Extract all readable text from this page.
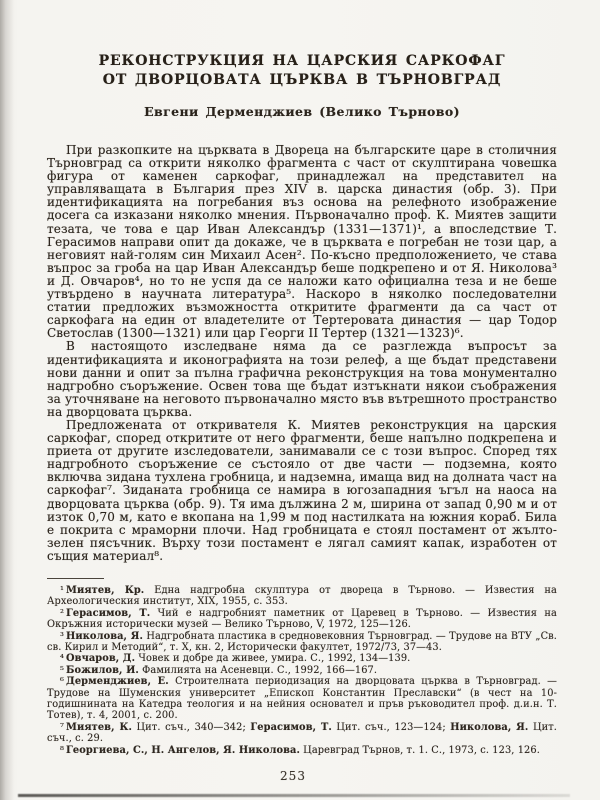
РЕКОНСТРУКЦИЯ НА ЦАРСКИЯ САРКОФАГ
ОТ ДВОРЦОВАТА ЦЪРКВА В ТЪРНОВГРАД
Евгени Дерменджиев (Велико Търново)

При разкопките на църквата в Двореца на българските царе в столичния Търновград са открити няколко фрагмента с част от скулптирана човешка фигура от каменен саркофаг, принадлежал на представител на управляващата в България през XIV в. царска династия (обр. 3). При идентификацията на погребания въз основа на релефното изображение досега са изказани няколко мнения. Първоначално проф. К. Миятев защити тезата, че това е цар Иван Александър (1331—1371)¹, а впоследствие Т. Герасимов направи опит да докаже, че в църквата е погребан не този цар, а неговият най-голям син Михаил Асен². По-късно предположението, че става въпрос за гроба на цар Иван Александър беше подкрепено и от Я. Николова³ и Д. Овчаров⁴, но то не успя да се наложи като официална теза и не беше утвърдено в научната литература⁵. Наскоро в няколко последователни статии предложих възможността откритите фрагменти да са част от саркофага на един от владетелите от Тертеровата династия — цар Тодор Светослав (1300—1321) или цар Георги II Тертер (1321—1323)⁶.

В настоящото изследване няма да се разглежда въпросът за идентификацията и иконографията на този релеф, а ще бъдат представени нови данни и опит за пълна графична реконструкция на това монументално надгробно съоръжение. Освен това ще бъдат изтъкнати някои съображения за уточняване на неговото първоначално място във вътрешното пространство на дворцовата църква.

Предложената от откривателя К. Миятев реконструкция на царския саркофаг, според откритите от него фрагменти, беше напълно подкрепена и приета от другите изследователи, занимавали се с този въпрос. Според тях надгробното съоръжение се състояло от две части — подземна, която включва зидана тухлена гробница, и надземна, имаща вид на долната част на саркофаг⁷. Зиданата гробница се намира в югозападния ъгъл на наоса на дворцовата църква (обр. 9). Тя има дължина 2 м, ширина от запад 0,90 м и от изток 0,70 м, като е вкопана на 1,99 м под настилката на южния кораб. Била е покрита с мраморни плочи. Над гробницата е стоял постамент от жълто-зелен пясъчник. Върху този постамент е лягал самият капак, изработен от същия материал⁸.

¹ Миятев, Кр. Една надгробна скулптура от двореца в Търново. — Известия на Археологическия институт, XIX, 1955, с. 353.

² Герасимов, Т. Чий е надгробният паметник от Царевец в Търново. — Известия на Окръжния исторически музей — Велико Търново, V, 1972, 125—126.

³ Николова, Я. Надгробната пластика в средновековния Търновград. — Трудове на ВТУ „Св. св. Кирил и Методий“, т. X, кн. 2, Исторически факултет, 1972/73, 37—43.

⁴ Овчаров, Д. Човек и добре да живее, умира. С., 1992, 134—139.

⁵ Божилов, И. Фамилията на Асеневци. С., 1992, 166—167.

⁶ Дерменджиев, Е. Строителната периодизация на дворцовата църква в Търновград. — Трудове на Шуменския университет „Епископ Константин Преславски“ (в чест на 10-годишнината на Катедра теология и на нейния основател и пръв ръководител проф. д.и.н. Т. Тотев), т. 4, 2001, с. 200.

⁷ Миятев, К. Цит. съч., 340—342; Герасимов, Т. Цит. съч., 123—124; Николова, Я. Цит. съч., с. 29.

⁸ Георгиева, С., Н. Ангелов, Я. Николова. Царевград Търнов, т. 1. С., 1973, с. 123, 126.

253
